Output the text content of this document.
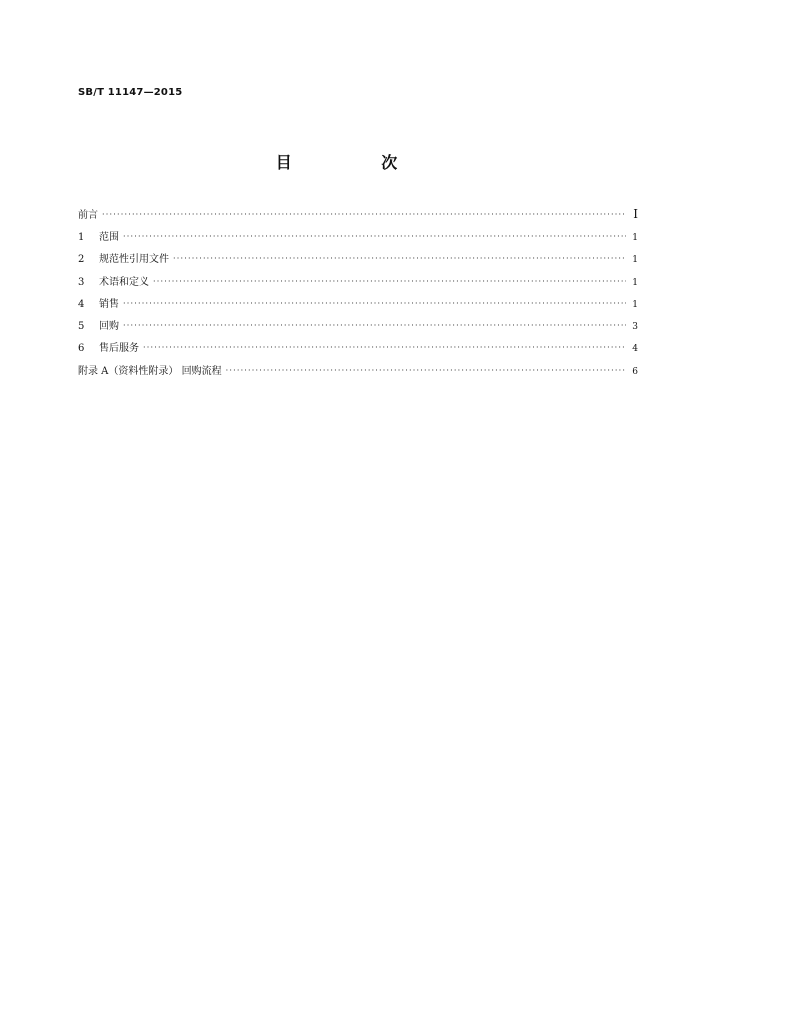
SB/T 11147—2015
目 次
前言 ·····	I
1	范围 ·····	1
2	规范性引用文件 ·····	1
3	术语和定义 ·····	1
4	销售 ·····	1
5	回购 ·····	3
6	售后服务 ·····	4
附录 A（资料性附录） 回购流程 ·····	6
